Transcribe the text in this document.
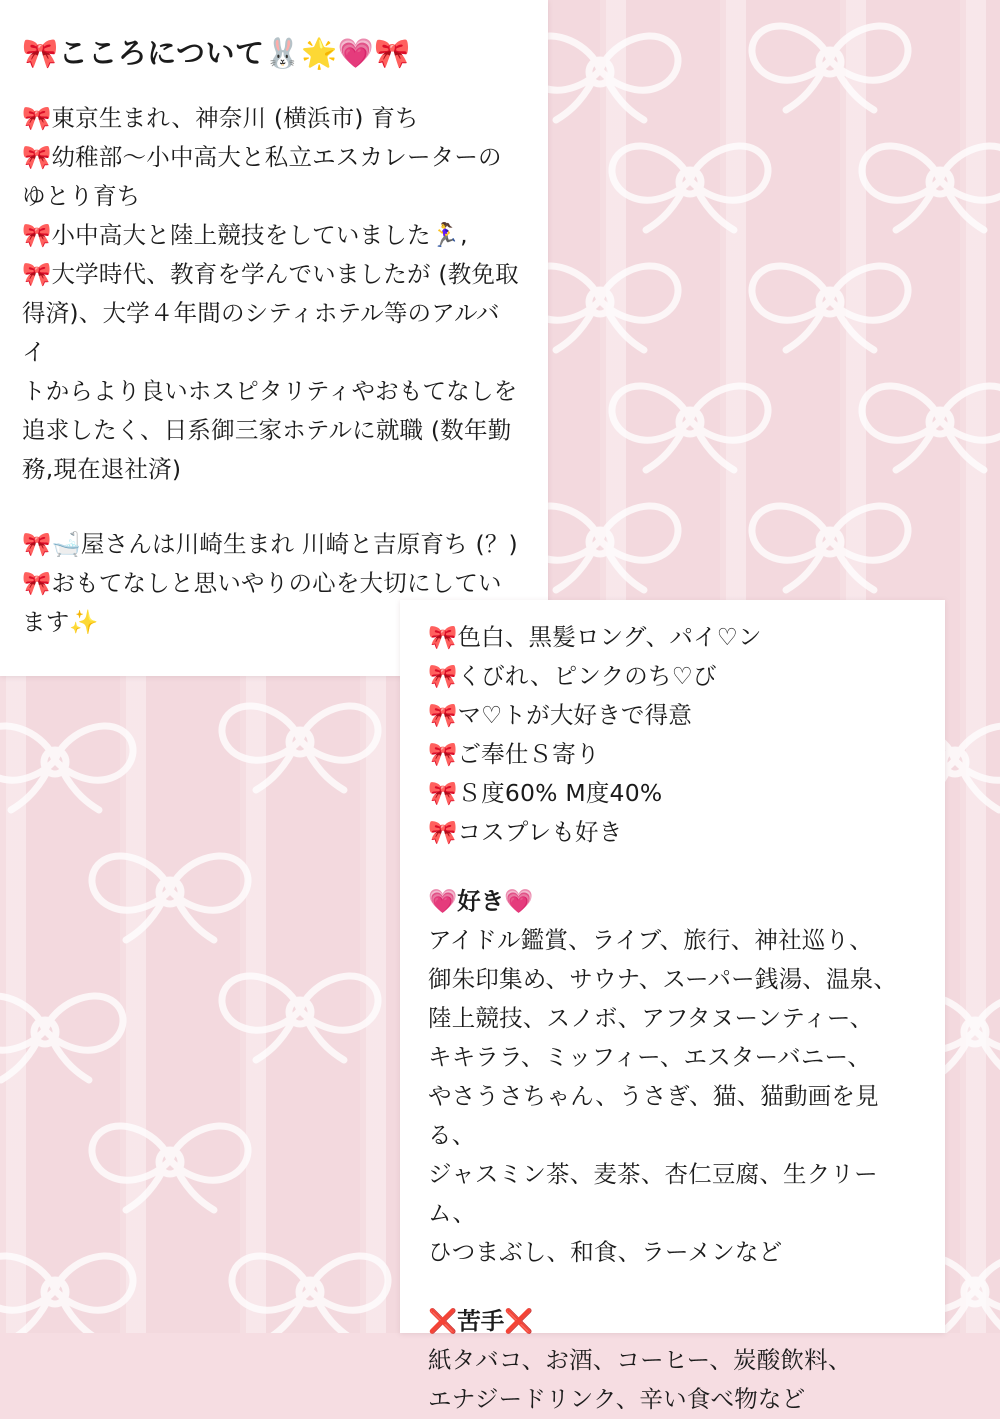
🎀こころについて🐰🌟💗🎀

🎀東京生まれ、神奈川 (横浜市) 育ち

🎀幼稚部〜小中高大と私立エスカレーターの

ゆとり育ち

🎀小中高大と陸上競技をしていました🏃‍♀️,

🎀大学時代、教育を学んでいましたが (教免取

得済)、大学４年間のシティホテル等のアルバイ

トからより良いホスピタリティやおもてなしを

追求したく、日系御三家ホテルに就職 (数年勤

務,現在退社済)

🎀🛁屋さんは川崎生まれ 川崎と吉原育ち (？)

🎀おもてなしと思いやりの心を大切にしてい

ます✨

🎀色白、黒髪ロング、パイ♡ン

🎀くびれ、ピンクのち♡び

🎀マ♡トが大好きで得意

🎀ご奉仕Ｓ寄り

🎀Ｓ度60% M度40%

🎀コスプレも好き

💗好き💗

アイドル鑑賞、ライブ、旅行、神社巡り、

御朱印集め、サウナ、スーパー銭湯、温泉、

陸上競技、スノボ、アフタヌーンティー、

キキララ、ミッフィー、エスターバニー、

やさうさちゃん、うさぎ、猫、猫動画を見る、

ジャスミン茶、麦茶、杏仁豆腐、生クリーム、

ひつまぶし、和食、ラーメンなど

❌苦手❌

紙タバコ、お酒、コーヒー、炭酸飲料、

エナジードリンク、辛い食べ物など
